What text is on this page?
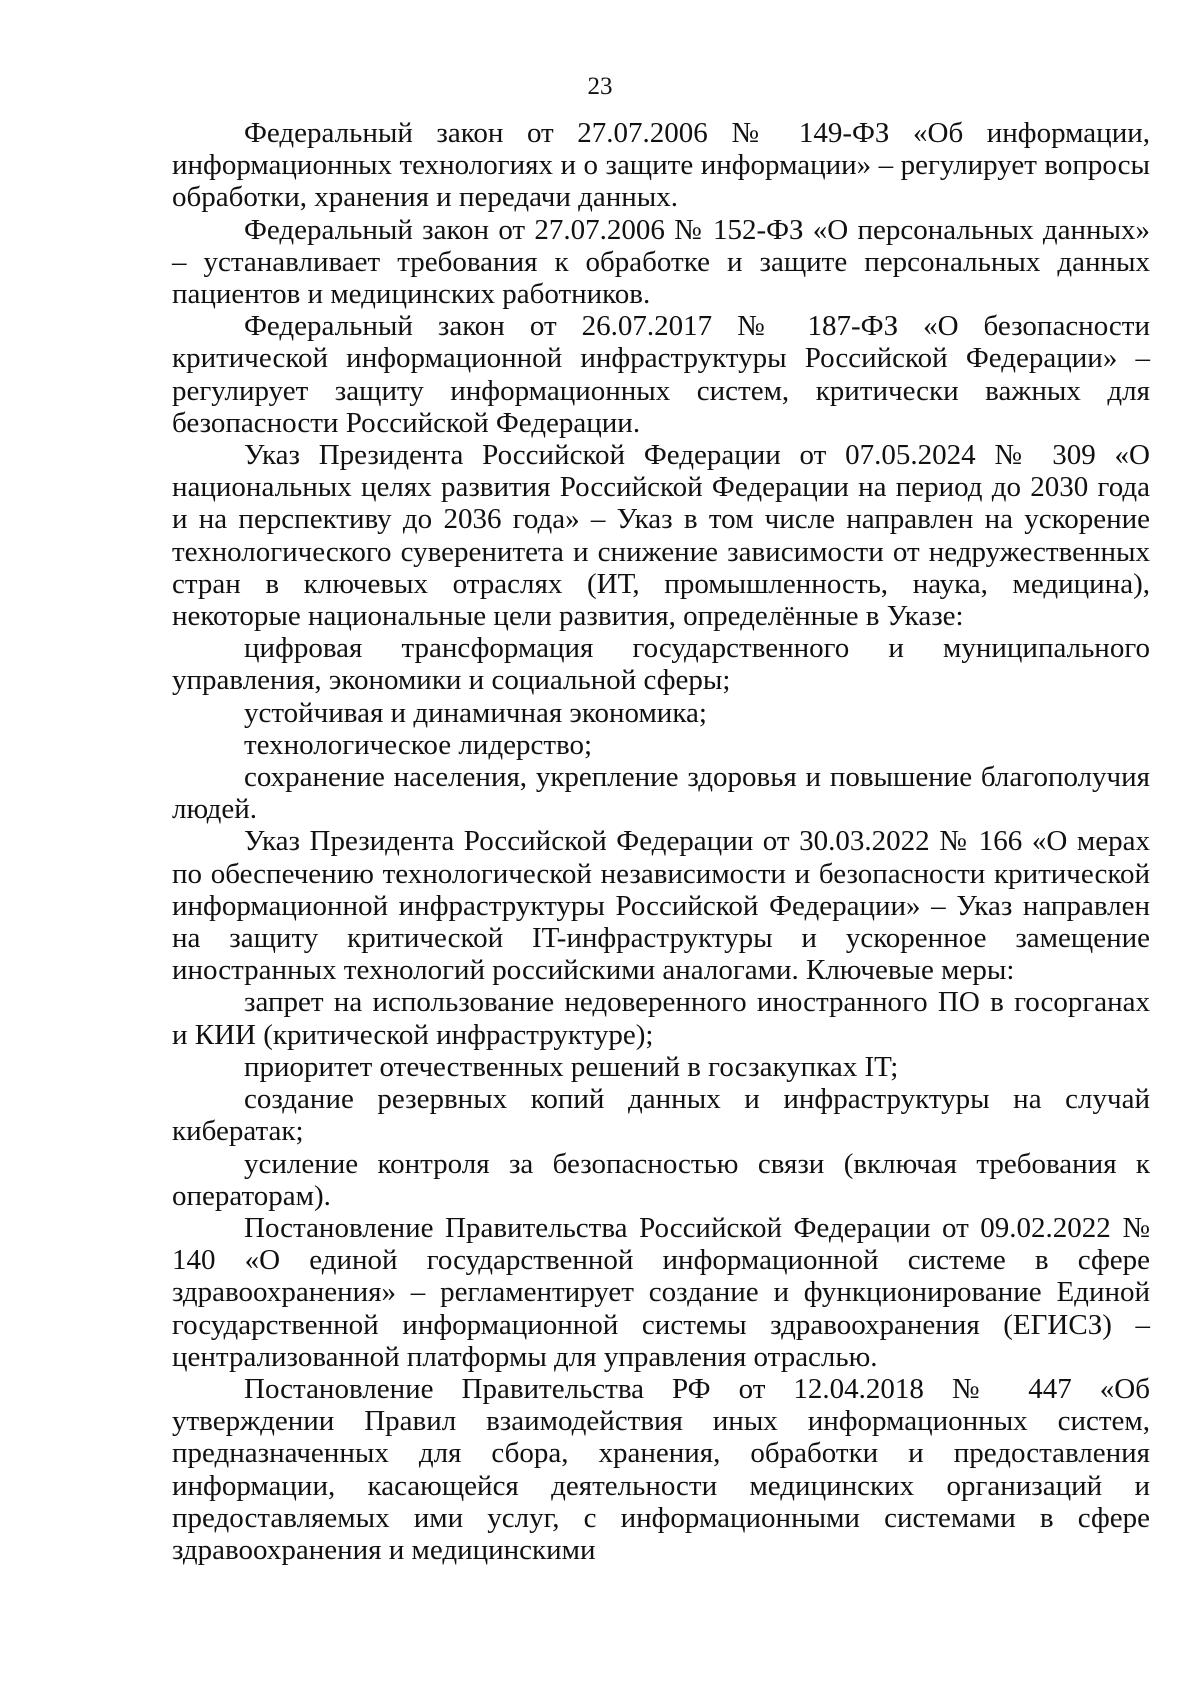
23

Федеральный закон от 27.07.2006 № 149-ФЗ «Об информации, информационных технологиях и о защите информации» – регулирует вопросы обработки, хранения и передачи данных.

Федеральный закон от 27.07.2006 № 152-ФЗ «О персональных данных» – устанавливает требования к обработке и защите персональных данных пациентов и медицинских работников.

Федеральный закон от 26.07.2017 № 187-ФЗ «О безопасности критической информационной инфраструктуры Российской Федерации» – регулирует защиту информационных систем, критически важных для безопасности Российской Федерации.

Указ Президента Российской Федерации от 07.05.2024 № 309 «О национальных целях развития Российской Федерации на период до 2030 года и на перспективу до 2036 года» – Указ в том числе направлен на ускорение технологического суверенитета и снижение зависимости от недружественных стран в ключевых отраслях (ИТ, промышленность, наука, медицина), некоторые национальные цели развития, определённые в Указе:

цифровая трансформация государственного и муниципального управления, экономики и социальной сферы;

устойчивая и динамичная экономика;

технологическое лидерство;

сохранение населения, укрепление здоровья и повышение благополучия людей.

Указ Президента Российской Федерации от 30.03.2022 № 166 «О мерах по обеспечению технологической независимости и безопасности критической информационной инфраструктуры Российской Федерации» – Указ направлен на защиту критической IT-инфраструктуры и ускоренное замещение иностранных технологий российскими аналогами. Ключевые меры:

запрет на использование недоверенного иностранного ПО в госорганах и КИИ (критической инфраструктуре);

приоритет отечественных решений в госзакупках IT;

создание резервных копий данных и инфраструктуры на случай кибератак;

усиление контроля за безопасностью связи (включая требования к операторам).

Постановление Правительства Российской Федерации от 09.02.2022 № 140 «О единой государственной информационной системе в сфере здравоохранения» – регламентирует создание и функционирование Единой государственной информационной системы здравоохранения (ЕГИСЗ) – централизованной платформы для управления отраслью.

Постановление Правительства РФ от 12.04.2018 № 447 «Об утверждении Правил взаимодействия иных информационных систем, предназначенных для сбора, хранения, обработки и предоставления информации, касающейся деятельности медицинских организаций и предоставляемых ими услуг, с информационными системами в сфере здравоохранения и медицинскими
